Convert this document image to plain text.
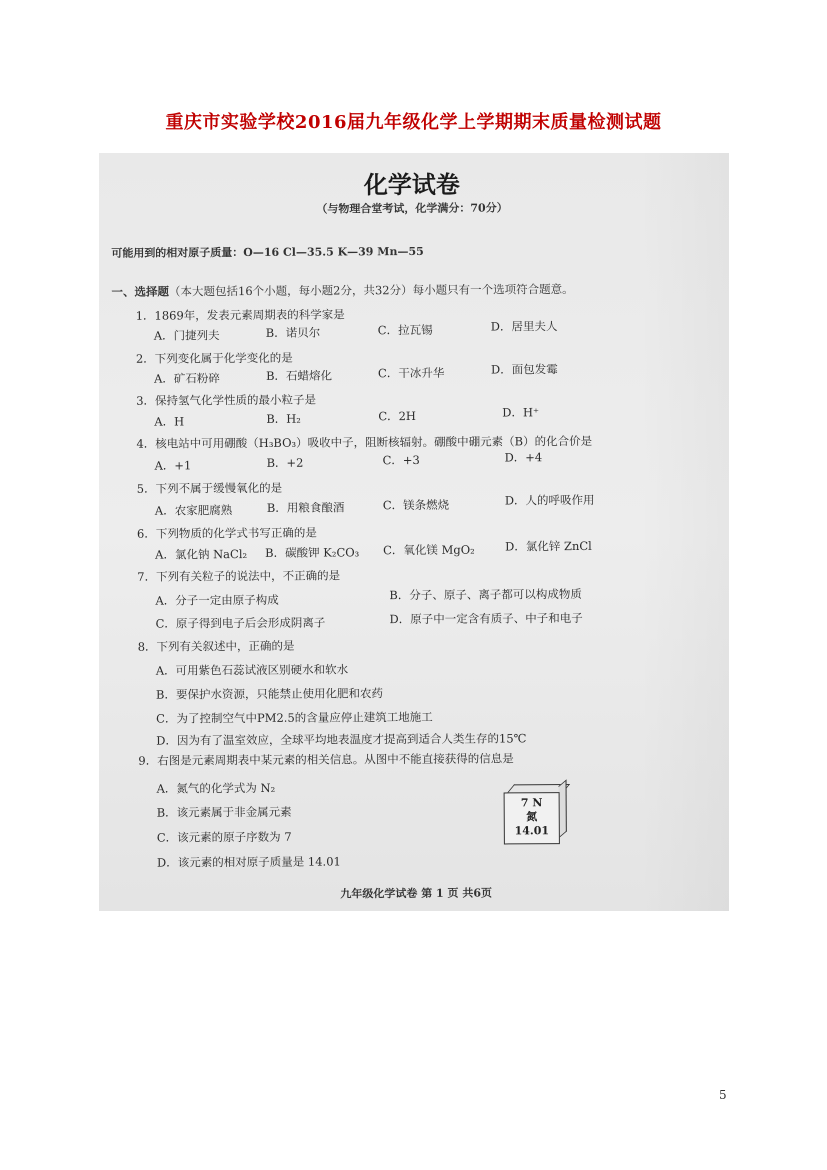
重庆市实验学校2016届九年级化学上学期期末质量检测试题
化学试卷
（与物理合堂考试，化学满分：70分）
可能用到的相对原子质量：O—16 Cl—35.5 K—39 Mn—55
一、选择题（本大题包括16个小题，每小题2分，共32分）每小题只有一个选项符合题意。
1．1869年，发表元素周期表的科学家是
A．门捷列夫	B．诺贝尔	C．拉瓦锡	D．居里夫人
2．下列变化属于化学变化的是
A．矿石粉碎	B．石蜡熔化	C．干冰升华	D．面包发霉
3．保持氢气化学性质的最小粒子是
A．H	B．H₂	C．2H	D．H⁺
4．核电站中可用硼酸（H₃BO₃）吸收中子，阻断核辐射。硼酸中硼元素（B）的化合价是
A．+1	B．+2	C．+3	D．+4
5．下列不属于缓慢氧化的是
A．农家肥腐熟	B．用粮食酿酒	C．镁条燃烧	D．人的呼吸作用
6．下列物质的化学式书写正确的是
A．氯化钠 NaCl₂ B．碳酸钾 K₂CO₃ C．氧化镁 MgO₂	D．氯化锌 ZnCl
7．下列有关粒子的说法中，不正确的是
A．分子一定由原子构成	B．分子、原子、离子都可以构成物质
C．原子得到电子后会形成阴离子	D．原子中一定含有质子、中子和电子
8．下列有关叙述中，正确的是
A．可用紫色石蕊试液区别硬水和软水
B．要保护水资源，只能禁止使用化肥和农药
C．为了控制空气中PM2.5的含量应停止建筑工地施工
D．因为有了温室效应，全球平均地表温度才提高到适合人类生存的15℃
9．右图是元素周期表中某元素的相关信息。从图中不能直接获得的信息是
A．氮气的化学式为 N₂
B．该元素属于非金属元素
C．该元素的原子序数为 7
D．该元素的相对原子质量是 14.01
7 N
氮
14.01
九年级化学试卷 第 1 页 共6页
5
